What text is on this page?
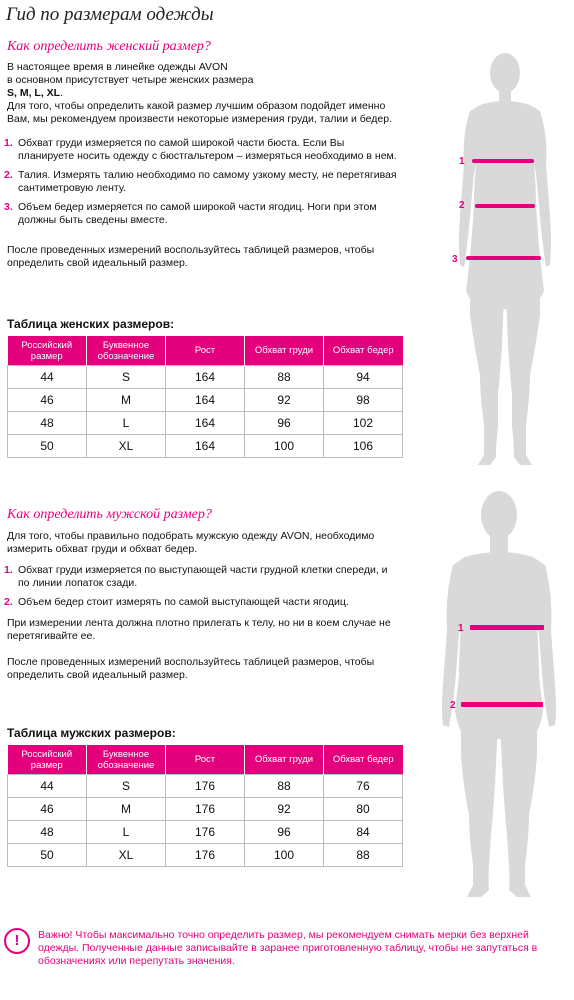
Гид по размерам одежды
Как определить женский размер?

В настоящее время в линейке одежды AVON

в основном присутствует четыре женских размера

S, M, L, XL.

Для того, чтобы определить какой размер лучшим образом подойдет именно Вам, мы рекомендуем произвести некоторые измерения груди, талии и бедер.

1. Обхват груди измеряется по самой широкой части бюста. Если Вы планируете носить одежду с бюстгальтером – измеряться необходимо в нем.
2. Талия. Измерять талию необходимо по самому узкому месту, не перетягивая сантиметровую ленту.
3. Объем бедер измеряется по самой широкой части ягодиц. Ноги при этом должны быть сведены вместе.

После проведенных измерений воспользуйтесь таблицей размеров, чтобы определить свой идеальный размер.

Таблица женских размеров:
Российский размер	Буквенное обозначение	Рост	Обхват груди	Обхват бедер
44	S	164	88	94
46	M	164	92	98
48	L	164	96	102
50	XL	164	100	106
1
2
3
Как определить мужской размер?

Для того, чтобы правильно подобрать мужскую одежду AVON, необходимо измерить обхват груди и обхват бедер.

1. Обхват груди измеряется по выступающей части грудной клетки спереди, и по линии лопаток сзади.
2. Объем бедер стоит измерять по самой выступающей части ягодиц.

При измерении лента должна плотно прилегать к телу, но ни в коем случае не перетягивайте ее.

После проведенных измерений воспользуйтесь таблицей размеров, чтобы определить свой идеальный размер.

Таблица мужских размеров:
Российский размер	Буквенное обозначение	Рост	Обхват груди	Обхват бедер
44	S	176	88	76
46	M	176	92	80
48	L	176	96	84
50	XL	176	100	88
1
2
!	Важно! Чтобы максимально точно определить размер, мы рекомендуем снимать мерки без верхней одежды. Полученные данные записывайте в заранее приготовленную таблицу, чтобы не запутаться в обозначениях или перепутать значения.
